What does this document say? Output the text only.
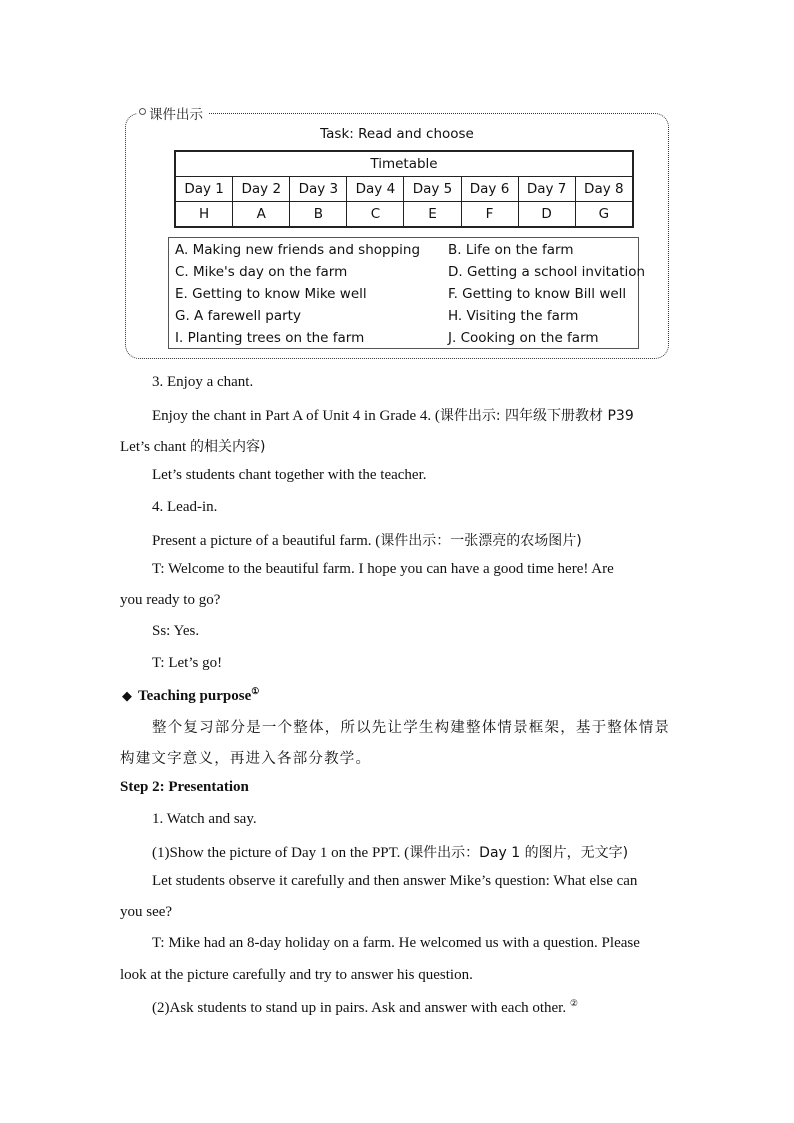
课件出示
Task: Read and choose
Timetable							
Day 1	Day 2	Day 3	Day 4	Day 5	Day 6	Day 7	Day 8
H	A	B	C	E	F	D	G
A. Making new friends and shopping B. Life on the farm
C. Mike's day on the farm	D. Getting a school invitation
E. Getting to know Mike well	F. Getting to know Bill well
G. A farewell party	H. Visiting the farm
I. Planting trees on the farm	J. Cooking on the farm
3. Enjoy a chant.
Enjoy the chant in Part A of Unit 4 in Grade 4. (课件出示: 四年级下册教材 P39
Let’s chant 的相关内容)
Let’s students chant together with the teacher.
4. Lead-in.
Present a picture of a beautiful farm. (课件出示：一张漂亮的农场图片)
T: Welcome to the beautiful farm. I hope you can have a good time here! Are
you ready to go?
Ss: Yes.
T: Let’s go!
◆ Teaching purpose①
整个复习部分是一个整体，所以先让学生构建整体情景框架，基于整体情景
构建文字意义，再进入各部分教学。
Step 2: Presentation
1. Watch and say.
(1)Show the picture of Day 1 on the PPT. (课件出示：Day 1 的图片，无文字)
Let students observe it carefully and then answer Mike’s question: What else can
you see?
T: Mike had an 8-day holiday on a farm. He welcomed us with a question. Please
look at the picture carefully and try to answer his question.
(2)Ask students to stand up in pairs. Ask and answer with each other. ②
